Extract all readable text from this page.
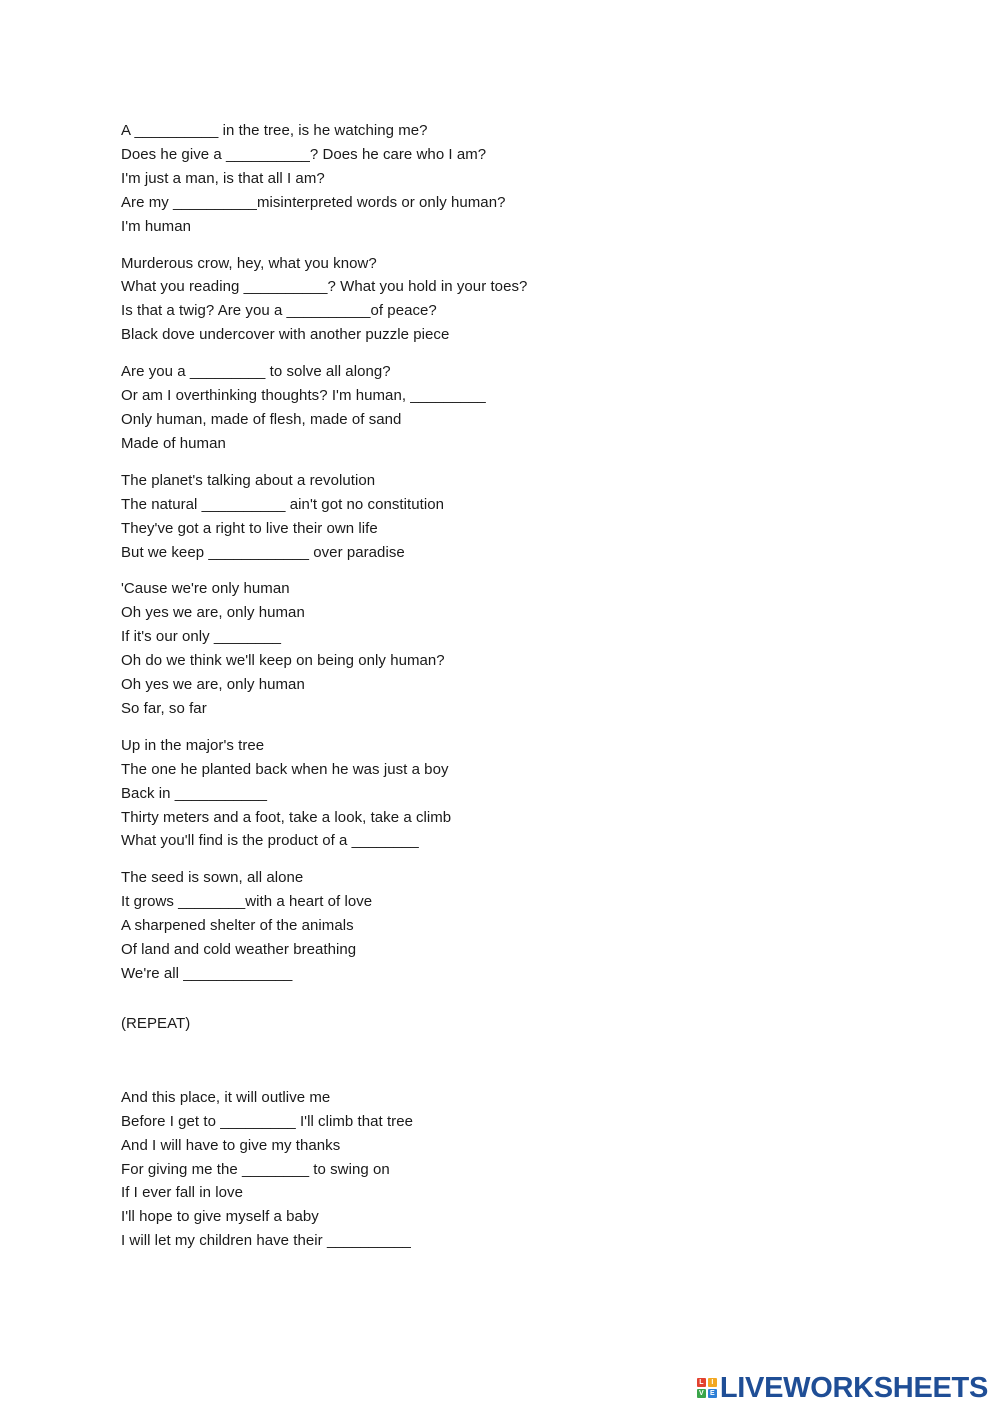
A __________ in the tree, is he watching me?
Does he give a __________? Does he care who I am?
I'm just a man, is that all I am?
Are my __________misinterpreted words or only human?
I'm human
Murderous crow, hey, what you know?
What you reading __________? What you hold in your toes?
Is that a twig? Are you a __________of peace?
Black dove undercover with another puzzle piece
Are you a _________ to solve all along?
Or am I overthinking thoughts? I'm human, _________
Only human, made of flesh, made of sand
Made of human
The planet's talking about a revolution
The natural __________ ain't got no constitution
They've got a right to live their own life
But we keep ____________ over paradise
'Cause we're only human
Oh yes we are, only human
If it's our only ________
Oh do we think we'll keep on being only human?
Oh yes we are, only human
So far, so far
Up in the major's tree
The one he planted back when he was just a boy
Back in ___________
Thirty meters and a foot, take a look, take a climb
What you'll find is the product of a ________
The seed is sown, all alone
It grows ________with a heart of love
A sharpened shelter of the animals
Of land and cold weather breathing
We're all _____________
(REPEAT)
And this place, it will outlive me
Before I get to _________ I'll climb that tree
And I will have to give my thanks
For giving me the ________ to swing on
If I ever fall in love
I'll hope to give myself a baby
I will let my children have their __________
L	I
V E LIVEWORKSHEETS
